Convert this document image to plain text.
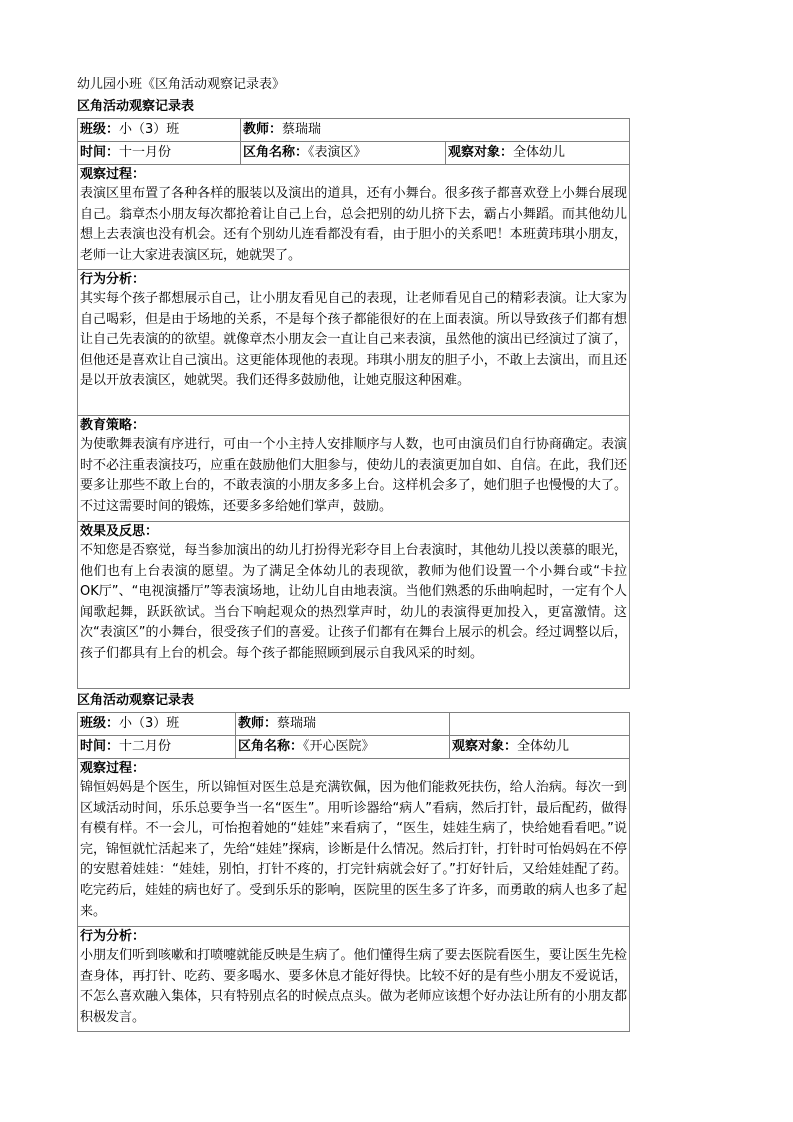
幼儿园小班《区角活动观察记录表》
区角活动观察记录表
班级：小（3）班	教师：蔡瑞瑞	
时间：十一月份	区角名称：《表演区》	观察对象：全体幼儿

观察过程：
表演区里布置了各种各样的服装以及演出的道具，还有小舞台。很多孩子都喜欢登上小舞台展现自己。翁章杰小朋友每次都抢着让自己上台，总会把别的幼儿挤下去，霸占小舞蹈。而其他幼儿想上去表演也没有机会。还有个别幼儿连看都没有看，由于胆小的关系吧！本班黄玮琪小朋友，老师一让大家进表演区玩，她就哭了。		

行为分析：
其实每个孩子都想展示自己，让小朋友看见自己的表现，让老师看见自己的精彩表演。让大家为自己喝彩，但是由于场地的关系，不是每个孩子都能很好的在上面表演。所以导致孩子们都有想让自己先表演的的欲望。就像章杰小朋友会一直让自己来表演，虽然他的演出已经演过了演了，但他还是喜欢让自己演出。这更能体现他的表现。玮琪小朋友的胆子小，不敢上去演出，而且还是以开放表演区，她就哭。我们还得多鼓励他，让她克服这种困难。		

教育策略：
为使歌舞表演有序进行，可由一个小主持人安排顺序与人数，也可由演员们自行协商确定。表演时不必注重表演技巧，应重在鼓励他们大胆参与，使幼儿的表演更加自如、自信。在此，我们还要多让那些不敢上台的，不敢表演的小朋友多多上台。这样机会多了，她们胆子也慢慢的大了。不过这需要时间的锻炼，还要多多给她们掌声，鼓励。		

效果及反思：
不知您是否察觉，每当参加演出的幼儿打扮得光彩夺目上台表演时，其他幼儿投以羡慕的眼光，他们也有上台表演的愿望。为了满足全体幼儿的表现欲，教师为他们设置一个小舞台或“卡拉 OK厅”、“电视演播厅”等表演场地，让幼儿自由地表演。当他们熟悉的乐曲响起时，一定有个人闻歌起舞，跃跃欲试。当台下响起观众的热烈掌声时，幼儿的表演得更加投入，更富激情。这次“表演区”的小舞台，很受孩子们的喜爱。让孩子们都有在舞台上展示的机会。经过调整以后，孩子们都具有上台的机会。每个孩子都能照顾到展示自我风采的时刻。		
区角活动观察记录表
班级：小（3）班	教师：蔡瑞瑞	
时间：十二月份	区角名称：《开心医院》	观察对象：全体幼儿

观察过程：
锦恒妈妈是个医生，所以锦恒对医生总是充满钦佩，因为他们能救死扶伤，给人治病。每次一到区域活动时间，乐乐总要争当一名“医生”。用听诊器给“病人”看病，然后打针，最后配药，做得有模有样。不一会儿，可怡抱着她的“娃娃”来看病了，“医生，娃娃生病了，快给她看看吧。”说完，锦恒就忙活起来了，先给“娃娃”探病，诊断是什么情况。然后打针，打针时可怡妈妈在不停的安慰着娃娃：“娃娃，别怕，打针不疼的，打完针病就会好了。”打好针后，又给娃娃配了药。吃完药后，娃娃的病也好了。受到乐乐的影响，医院里的医生多了许多，而勇敢的病人也多了起来。		

行为分析：
小朋友们听到咳嗽和打喷嚏就能反映是生病了。他们懂得生病了要去医院看医生，要让医生先检查身体，再打针、吃药、要多喝水、要多休息才能好得快。比较不好的是有些小朋友不爱说话，不怎么喜欢融入集体，只有特别点名的时候点点头。做为老师应该想个好办法让所有的小朋友都积极发言。		
